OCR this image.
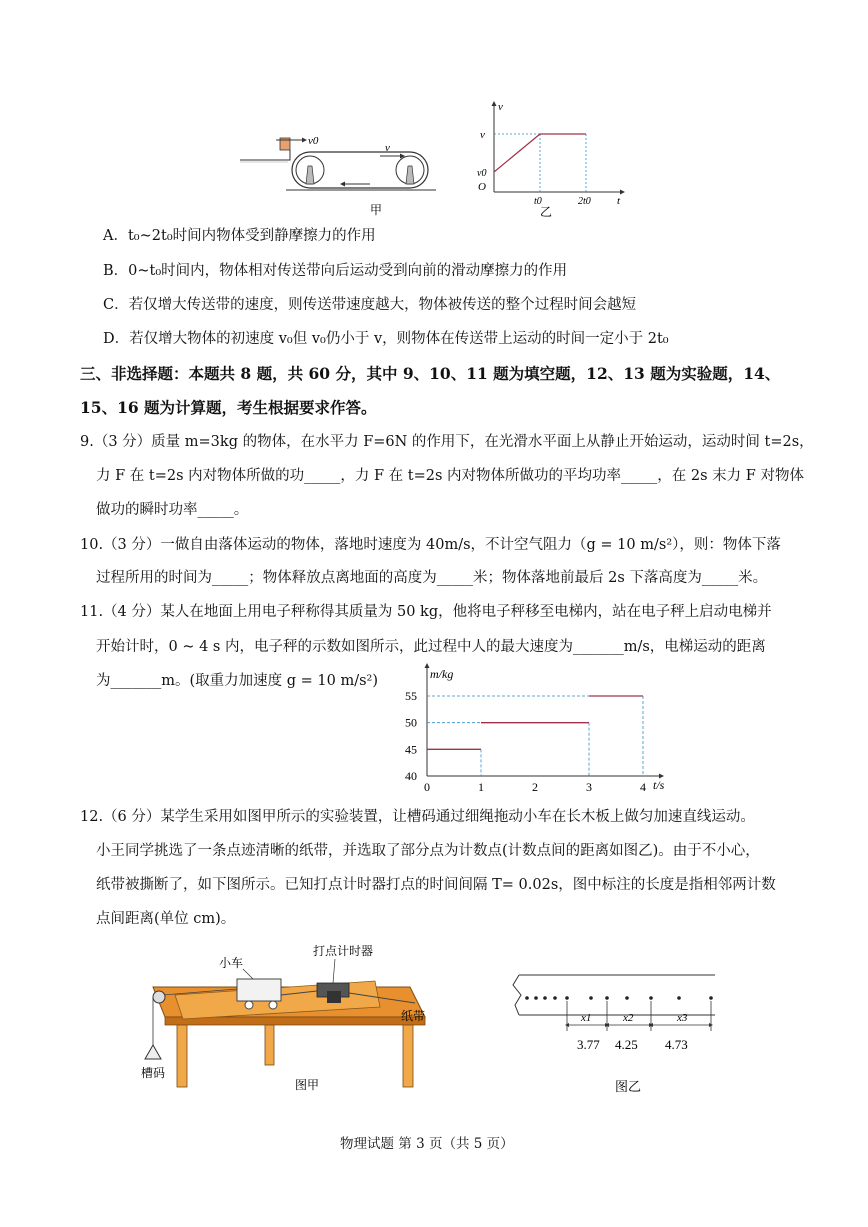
v0
v
甲
v
t
O
v
v0
t0	2t0
乙
A．t₀~2t₀时间内物体受到静摩擦力的作用
B．0~t₀时间内，物体相对传送带向后运动受到向前的滑动摩擦力的作用
C．若仅增大传送带的速度，则传送带速度越大，物体被传送的整个过程时间会越短
D．若仅增大物体的初速度 v₀但 v₀仍小于 v，则物体在传送带上运动的时间一定小于 2t₀
三、非选择题：本题共 8 题，共 60 分，其中 9、10、11 题为填空题，12、13 题为实验题，14、
15、16 题为计算题，考生根据要求作答。
9.（3 分）质量 m=3kg 的物体，在水平力 F=6N 的作用下，在光滑水平面上从静止开始运动，运动时间 t=2s，
力 F 在 t=2s 内对物体所做的功_____，力 F 在 t=2s 内对物体所做功的平均功率_____，在 2s 末力 F 对物体
做功的瞬时功率_____。
10.（3 分）一做自由落体运动的物体，落地时速度为 40m/s，不计空气阻力（g = 10 m/s²），则：物体下落
过程所用的时间为_____；物体释放点离地面的高度为_____米；物体落地前最后 2s 下落高度为_____米。
11.（4 分）某人在地面上用电子秤称得其质量为 50 kg，他将电子秤移至电梯内，站在电子秤上启动电梯并
开始计时，0 ~ 4 s 内，电子秤的示数如图所示，此过程中人的最大速度为_______m/s，电梯运动的距离
为_______m。(取重力加速度 g = 10 m/s²)	m/kg
t/s
0	1	2	3	4
40
45
50
55
12.（6 分）某学生采用如图甲所示的实验装置，让槽码通过细绳拖动小车在长木板上做匀加速直线运动。
小王同学挑选了一条点迹清晰的纸带，并选取了部分点为计数点(计数点间的距离如图乙)。由于不小心，
纸带被撕断了，如下图所示。已知打点计时器打点的时间间隔 T= 0.02s，图中标注的长度是指相邻两计数
点间距离(单位 cm)。
小车
打点计时器
纸带
槽码
图甲
x1	x2	x3
3.77 4.25 4.73
图乙
物理试题 第 3 页（共 5 页）
